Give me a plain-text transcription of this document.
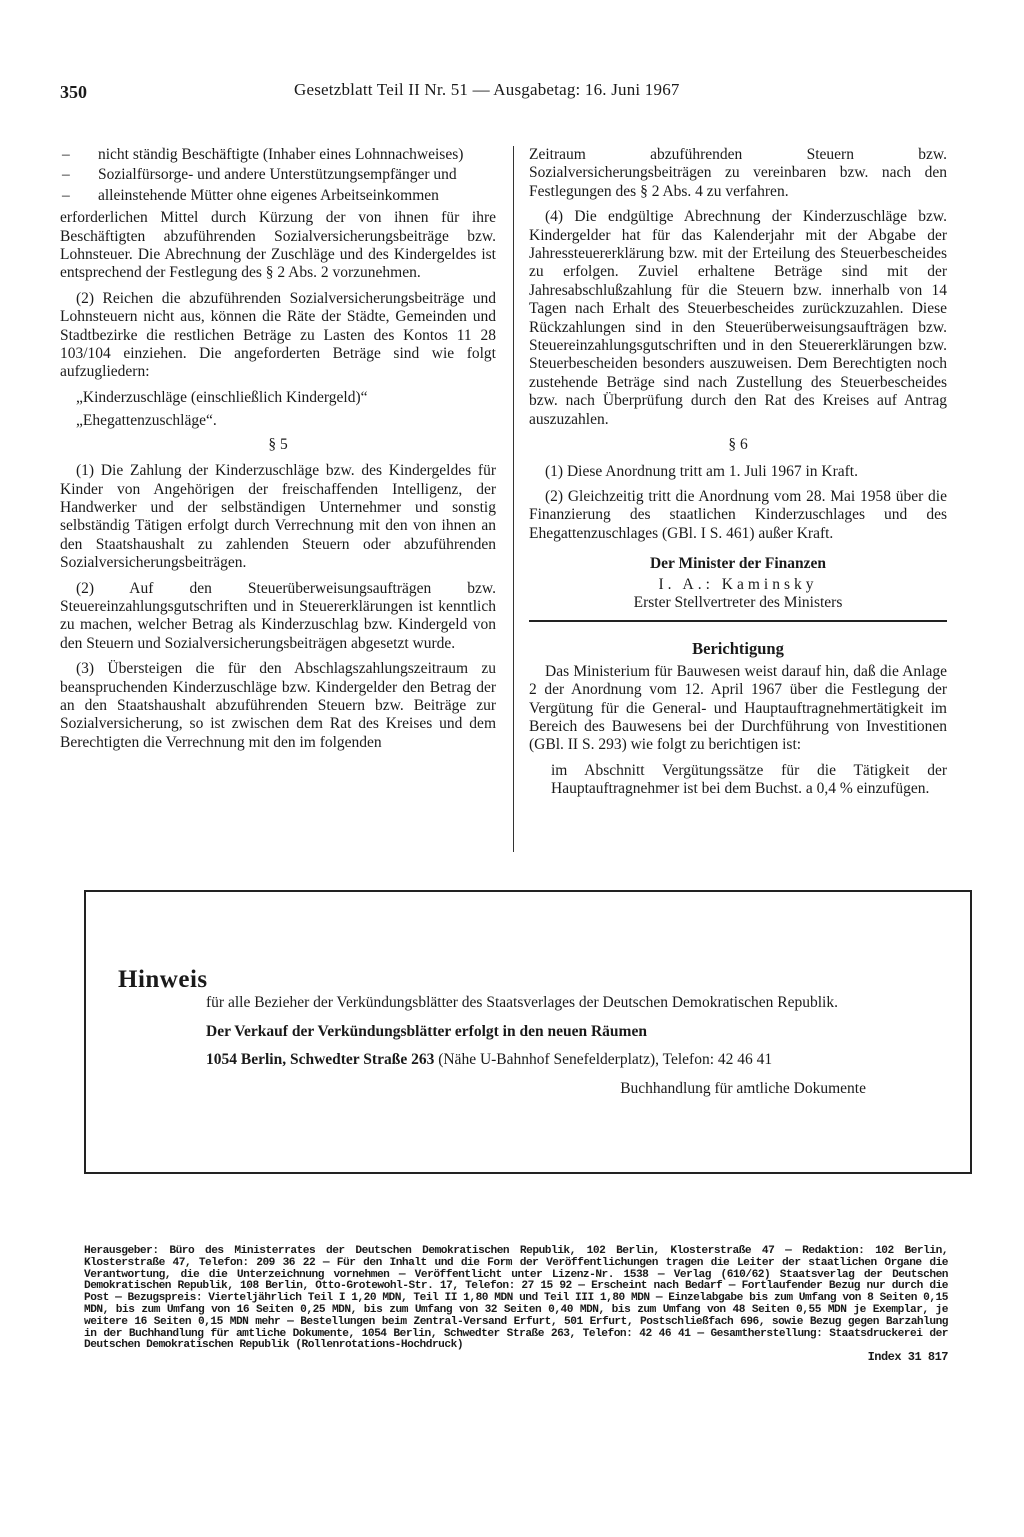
350	Gesetzblatt Teil II Nr. 51 — Ausgabetag: 16. Juni 1967
– nicht ständig Beschäftigte (Inhaber eines Lohnnachweises)
– Sozialfürsorge- und andere Unterstützungsempfänger und
– alleinstehende Mütter ohne eigenes Arbeitseinkommen

erforderlichen Mittel durch Kürzung der von ihnen für ihre Beschäftigten abzuführenden Sozialversicherungsbeiträge bzw. Lohnsteuer. Die Abrechnung der Zuschläge und des Kindergeldes ist entsprechend der Festlegung des § 2 Abs. 2 vorzunehmen.

(2) Reichen die abzuführenden Sozialversicherungsbeiträge und Lohnsteuern nicht aus, können die Räte der Städte, Gemeinden und Stadtbezirke die restlichen Beträge zu Lasten des Kontos 11 28 103/104 einziehen. Die angeforderten Beträge sind wie folgt aufzugliedern:

„Kinderzuschläge (einschließlich Kindergeld)“
„Ehegattenzuschläge“.
§ 5

(1) Die Zahlung der Kinderzuschläge bzw. des Kindergeldes für Kinder von Angehörigen der freischaffenden Intelligenz, der Handwerker und der selbständigen Unternehmer und sonstig selbständig Tätigen erfolgt durch Verrechnung mit den von ihnen an den Staatshaushalt zu zahlenden Steuern oder abzuführenden Sozialversicherungsbeiträgen.

(2) Auf den Steuerüberweisungsaufträgen bzw. Steuereinzahlungsgutschriften und in Steuererklärungen ist kenntlich zu machen, welcher Betrag als Kinderzuschlag bzw. Kindergeld von den Steuern und Sozialversicherungsbeiträgen abgesetzt wurde.

(3) Übersteigen die für den Abschlagszahlungszeitraum zu beanspruchenden Kinderzuschläge bzw. Kindergelder den Betrag der an den Staatshaushalt abzuführenden Steuern bzw. Beiträge zur Sozialversicherung, so ist zwischen dem Rat des Kreises und dem Berechtigten die Verrechnung mit den im folgenden

Zeitraum abzuführenden Steuern bzw. Sozialversicherungsbeiträgen zu vereinbaren bzw. nach den Festlegungen des § 2 Abs. 4 zu verfahren.

(4) Die endgültige Abrechnung der Kinderzuschläge bzw. Kindergelder hat für das Kalenderjahr mit der Abgabe der Jahressteuererklärung bzw. mit der Erteilung des Steuerbescheides zu erfolgen. Zuviel erhaltene Beträge sind mit der Jahresabschlußzahlung für die Steuern bzw. innerhalb von 14 Tagen nach Erhalt des Steuerbescheides zurückzuzahlen. Diese Rückzahlungen sind in den Steuerüberweisungsaufträgen bzw. Steuereinzahlungsgutschriften und in den Steuererklärungen bzw. Steuerbescheiden besonders auszuweisen. Dem Berechtigten noch zustehende Beträge sind nach Zustellung des Steuerbescheides bzw. nach Überprüfung durch den Rat des Kreises auf Antrag auszuzahlen.

§ 6

(1) Diese Anordnung tritt am 1. Juli 1967 in Kraft.

(2) Gleichzeitig tritt die Anordnung vom 28. Mai 1958 über die Finanzierung des staatlichen Kinderzuschlages und des Ehegattenzuschlages (GBl. I S. 461) außer Kraft.

Der Minister der Finanzen
I. A.: Kaminsky
Erster Stellvertreter des Ministers
Berichtigung

Das Ministerium für Bauwesen weist darauf hin, daß die Anlage 2 der Anordnung vom 12. April 1967 über die Festlegung der Vergütung für die General- und Hauptauftragnehmertätigkeit im Bereich des Bauwesens bei der Durchführung von Investitionen (GBl. II S. 293) wie folgt zu berichtigen ist:

im Abschnitt Vergütungssätze für die Tätigkeit der Hauptauftragnehmer ist bei dem Buchst. a 0,4 % einzufügen.

Hinweis

für alle Bezieher der Verkündungsblätter des Staatsverlages der Deutschen Demokratischen Republik.

Der Verkauf der Verkündungsblätter erfolgt in den neuen Räumen

1054 Berlin, Schwedter Straße 263 (Nähe U-Bahnhof Senefelderplatz), Telefon: 42 46 41

Buchhandlung für amtliche Dokumente

Herausgeber: Büro des Ministerrates der Deutschen Demokratischen Republik, 102 Berlin, Klosterstraße 47 — Redaktion: 102 Berlin, Klosterstraße 47, Telefon: 209 36 22 — Für den Inhalt und die Form der Veröffentlichungen tragen die Leiter der staatlichen Organe die Verantwortung, die die Unterzeichnung vornehmen — Veröffentlicht unter Lizenz-Nr. 1538 — Verlag (610/62) Staatsverlag der Deutschen Demokratischen Republik, 108 Berlin, Otto-Grotewohl-Str. 17, Telefon: 27 15 92 — Erscheint nach Bedarf — Fortlaufender Bezug nur durch die Post — Bezugspreis: Vierteljährlich Teil I 1,20 MDN, Teil II 1,80 MDN und Teil III 1,80 MDN — Einzelabgabe bis zum Umfang von 8 Seiten 0,15 MDN, bis zum Umfang von 16 Seiten 0,25 MDN, bis zum Umfang von 32 Seiten 0,40 MDN, bis zum Umfang von 48 Seiten 0,55 MDN je Exemplar, je weitere 16 Seiten 0,15 MDN mehr — Bestellungen beim Zentral-Versand Erfurt, 501 Erfurt, Postschließfach 696, sowie Bezug gegen Barzahlung in der Buchhandlung für amtliche Dokumente, 1054 Berlin, Schwedter Straße 263, Telefon: 42 46 41 — Gesamtherstellung: Staatsdruckerei der Deutschen Demokratischen Republik (Rollenrotations-Hochdruck)
Index 31 817
